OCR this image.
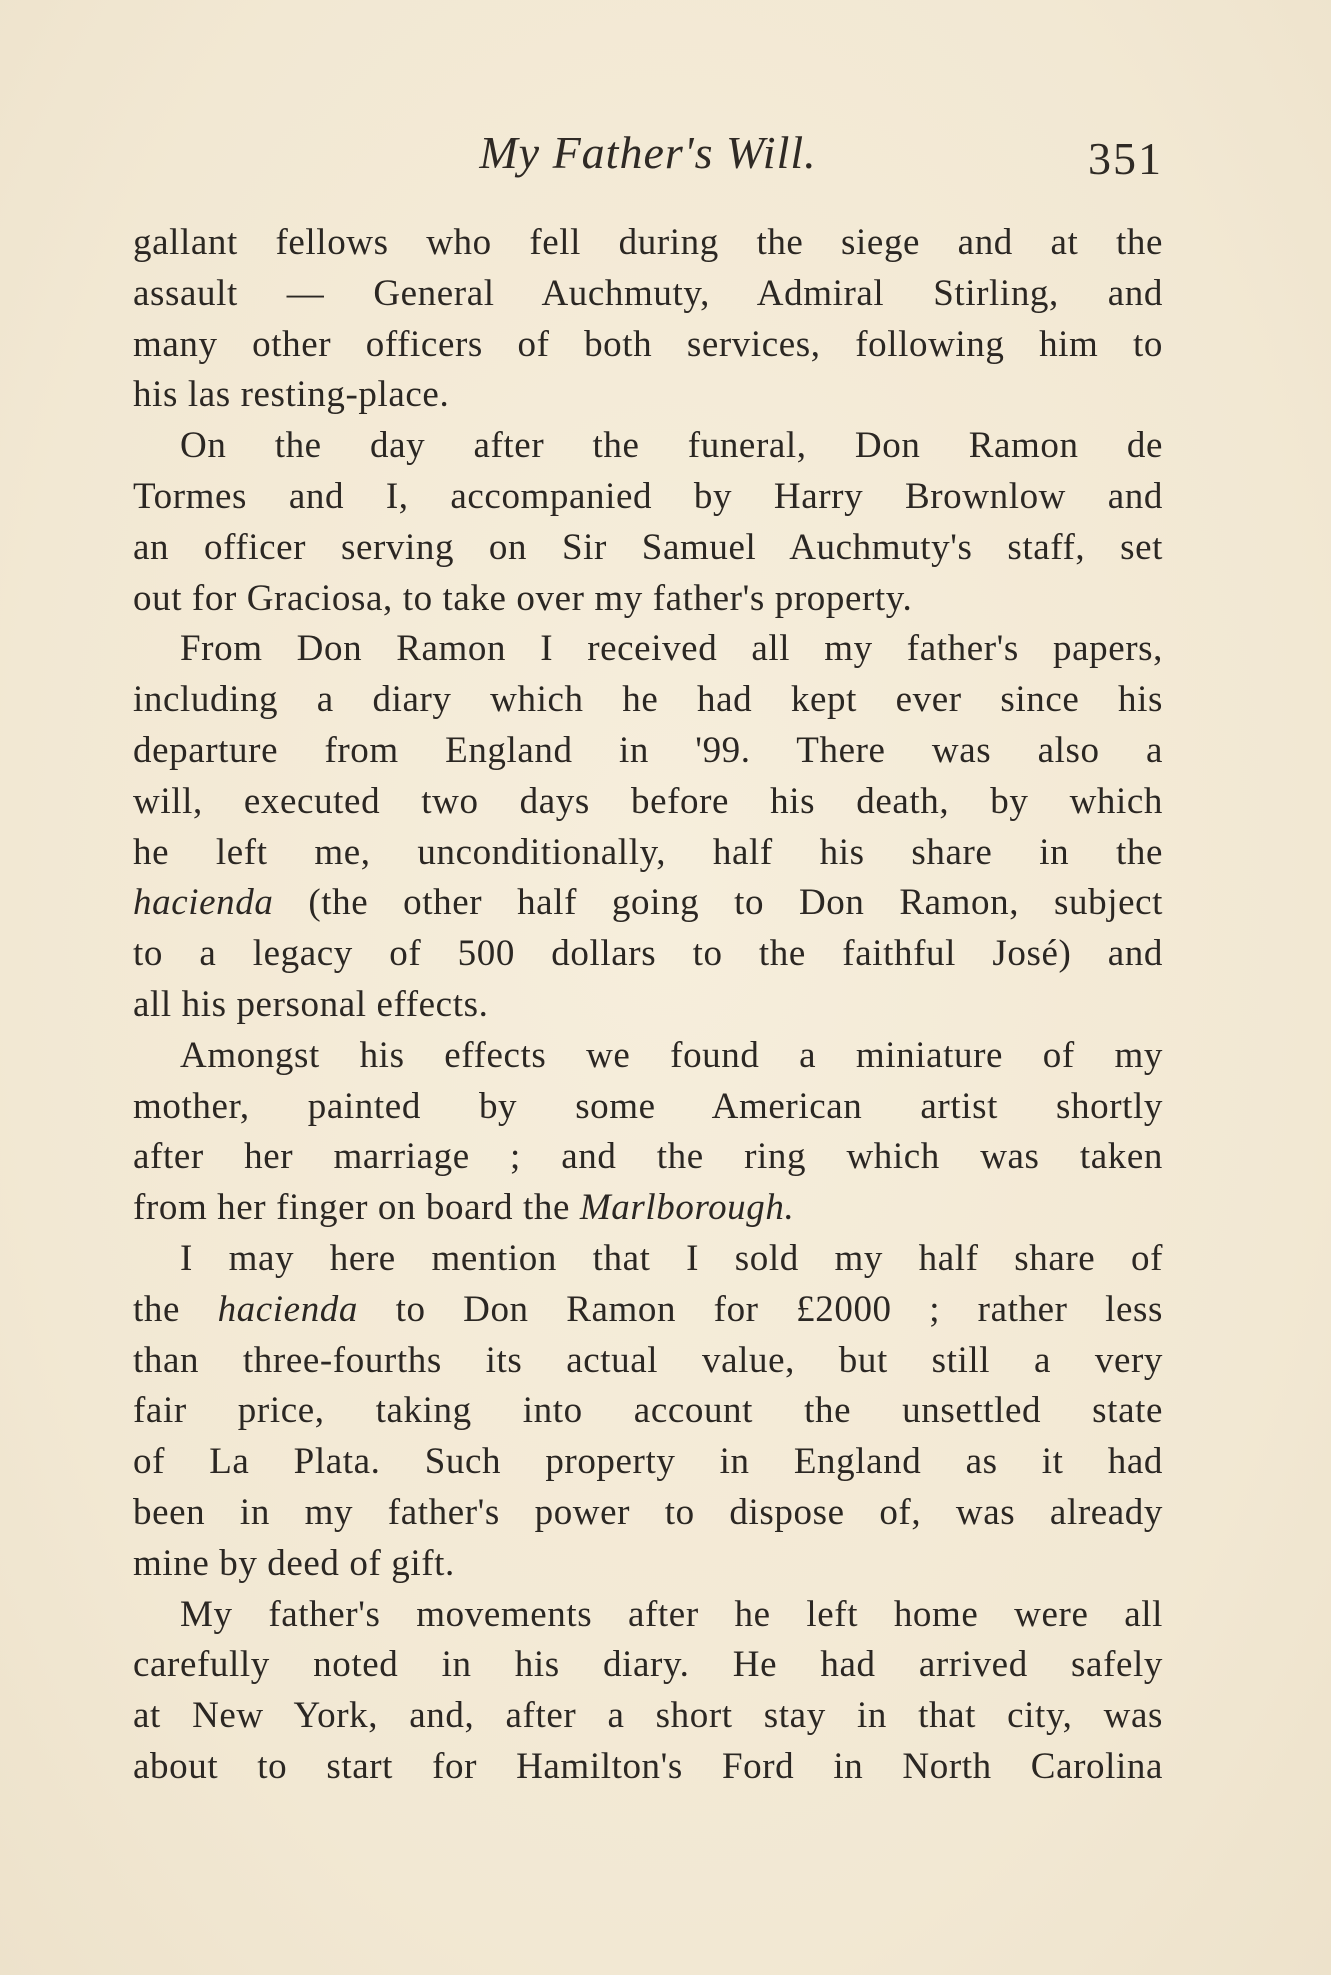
My Father's Will.	351
gallant fellows who fell during the siege and at the
assault — General Auchmuty, Admiral Stirling, and
many other officers of both services, following him to
his las resting-place.
On the day after the funeral, Don Ramon de
Tormes and I, accompanied by Harry Brownlow and
an officer serving on Sir Samuel Auchmuty's staff, set
out for Graciosa, to take over my father's property.
From Don Ramon I received all my father's papers,
including a diary which he had kept ever since his
departure from England in '99. There was also a
will, executed two days before his death, by which
he left me, unconditionally, half his share in the
hacienda (the other half going to Don Ramon, subject
to a legacy of 500 dollars to the faithful José) and
all his personal effects.
Amongst his effects we found a miniature of my
mother, painted by some American artist shortly
after her marriage ; and the ring which was taken
from her finger on board the Marlborough.
I may here mention that I sold my half share of
the hacienda to Don Ramon for £2000 ; rather less
than three-fourths its actual value, but still a very
fair price, taking into account the unsettled state
of La Plata. Such property in England as it had
been in my father's power to dispose of, was already
mine by deed of gift.
My father's movements after he left home were all
carefully noted in his diary. He had arrived safely
at New York, and, after a short stay in that city, was
about to start for Hamilton's Ford in North Carolina
